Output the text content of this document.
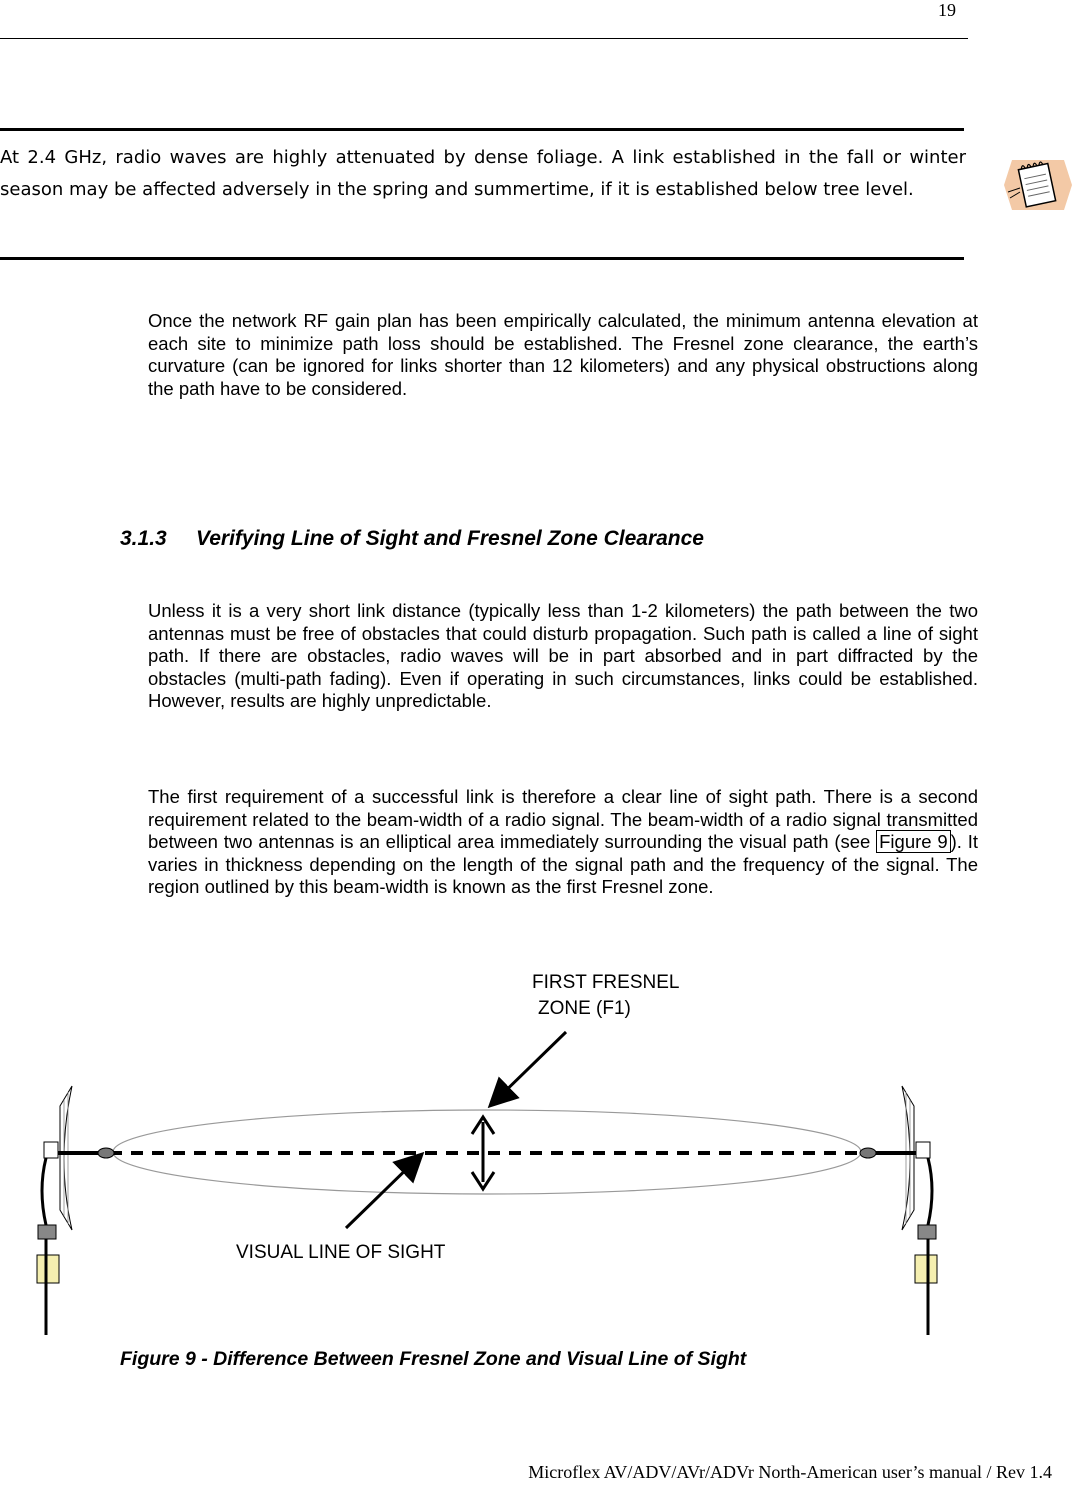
19

At 2.4 GHz, radio waves are highly attenuated by dense foliage. A link established in the fall or winter season may be affected adversely in the spring and summertime, if it is established below tree level.

Once the network RF gain plan has been empirically calculated, the minimum antenna elevation at each site to minimize path loss should be established. The Fresnel zone clearance, the earth’s curvature (can be ignored for links shorter than 12 kilometers) and any physical obstructions along the path have to be considered.

3.1.3 Verifying Line of Sight and Fresnel Zone Clearance

Unless it is a very short link distance (typically less than 1-2 kilometers) the path between the two antennas must be free of obstacles that could disturb propagation. Such path is called a line of sight path. If there are obstacles, radio waves will be in part absorbed and in part diffracted by the obstacles (multi-path fading). Even if operating in such circumstances, links could be established. However, results are highly unpredictable.

The first requirement of a successful link is therefore a clear line of sight path. There is a second requirement related to the beam-width of a radio signal. The beam-width of a radio signal transmitted between two antennas is an elliptical area immediately surrounding the visual path (see Figure 9 ). It varies in thickness depending on the length of the signal path and the frequency of the signal. The region outlined by this beam-width is known as the first Fresnel zone.

FIRST FRESNEL
ZONE (F1)
VISUAL LINE OF SIGHT

Figure 9 - Difference Between Fresnel Zone and Visual Line of Sight

Microflex AV/ADV/AVr/ADVr North-American user’s manual / Rev 1.4
